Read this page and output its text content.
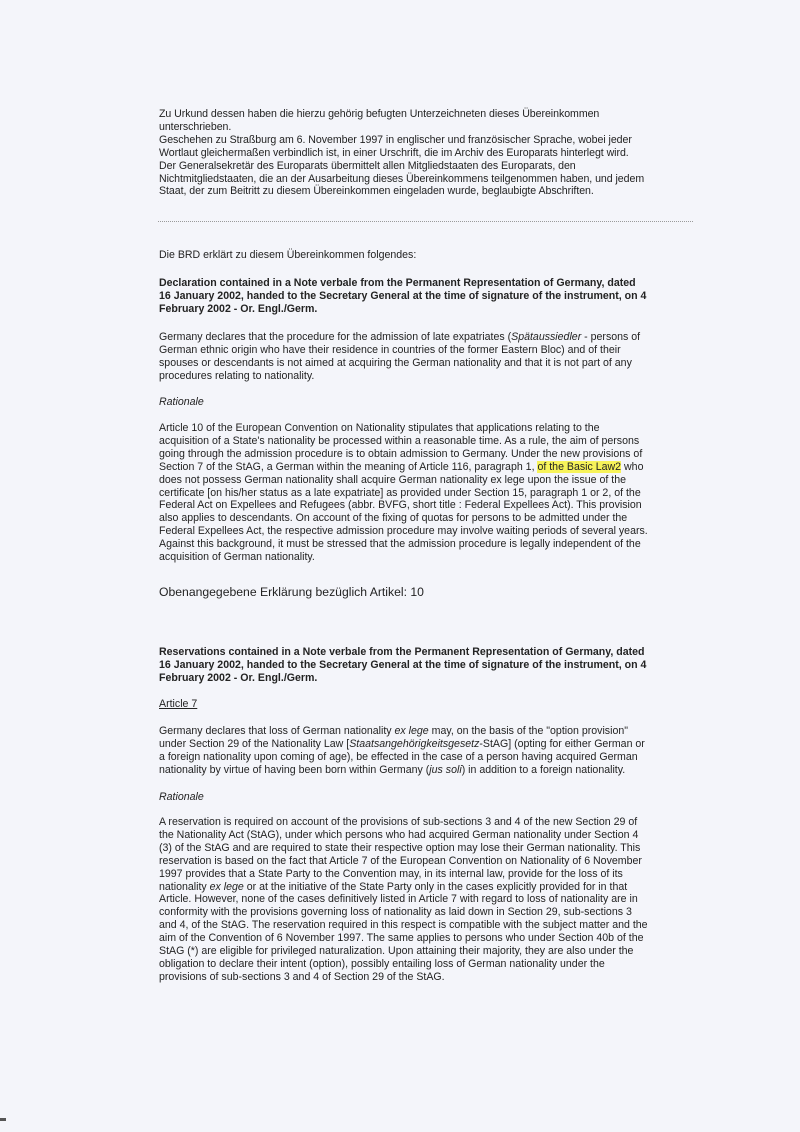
Zu Urkund dessen haben die hierzu gehörig befugten Unterzeichneten dieses Übereinkommen

unterschrieben.

Geschehen zu Straßburg am 6. November 1997 in englischer und französischer Sprache, wobei jeder

Wortlaut gleichermaßen verbindlich ist, in einer Urschrift, die im Archiv des Europarats hinterlegt wird.

Der Generalsekretär des Europarats übermittelt allen Mitgliedstaaten des Europarats, den

Nichtmitgliedstaaten, die an der Ausarbeitung dieses Übereinkommens teilgenommen haben, und jedem

Staat, der zum Beitritt zu diesem Übereinkommen eingeladen wurde, beglaubigte Abschriften.

Die BRD erklärt zu diesem Übereinkommen folgendes:

Declaration contained in a Note verbale from the Permanent Representation of Germany, dated

16 January 2002, handed to the Secretary General at the time of signature of the instrument, on 4

February 2002 - Or. Engl./Germ.

Germany declares that the procedure for the admission of late expatriates (Spätaussiedler - persons of

German ethnic origin who have their residence in countries of the former Eastern Bloc) and of their

spouses or descendants is not aimed at acquiring the German nationality and that it is not part of any

procedures relating to nationality.

Rationale

Article 10 of the European Convention on Nationality stipulates that applications relating to the

acquisition of a State's nationality be processed within a reasonable time. As a rule, the aim of persons

going through the admission procedure is to obtain admission to Germany. Under the new provisions of

Section 7 of the StAG, a German within the meaning of Article 116, paragraph 1, of the Basic Law2 who

does not possess German nationality shall acquire German nationality ex lege upon the issue of the

certificate [on his/her status as a late expatriate] as provided under Section 15, paragraph 1 or 2, of the

Federal Act on Expellees and Refugees (abbr. BVFG, short title : Federal Expellees Act). This provision

also applies to descendants. On account of the fixing of quotas for persons to be admitted under the

Federal Expellees Act, the respective admission procedure may involve waiting periods of several years.

Against this background, it must be stressed that the admission procedure is legally independent of the

acquisition of German nationality.

Obenangegebene Erklärung bezüglich Artikel: 10

Reservations contained in a Note verbale from the Permanent Representation of Germany, dated

16 January 2002, handed to the Secretary General at the time of signature of the instrument, on 4

February 2002 - Or. Engl./Germ.

Article 7

Germany declares that loss of German nationality ex lege may, on the basis of the "option provision"

under Section 29 of the Nationality Law [Staatsangehörigkeitsgesetz-StAG] (opting for either German or

a foreign nationality upon coming of age), be effected in the case of a person having acquired German

nationality by virtue of having been born within Germany (jus soli) in addition to a foreign nationality.

Rationale

A reservation is required on account of the provisions of sub-sections 3 and 4 of the new Section 29 of

the Nationality Act (StAG), under which persons who had acquired German nationality under Section 4

(3) of the StAG and are required to state their respective option may lose their German nationality. This

reservation is based on the fact that Article 7 of the European Convention on Nationality of 6 November

1997 provides that a State Party to the Convention may, in its internal law, provide for the loss of its

nationality ex lege or at the initiative of the State Party only in the cases explicitly provided for in that

Article. However, none of the cases definitively listed in Article 7 with regard to loss of nationality are in

conformity with the provisions governing loss of nationality as laid down in Section 29, sub-sections 3

and 4, of the StAG. The reservation required in this respect is compatible with the subject matter and the

aim of the Convention of 6 November 1997. The same applies to persons who under Section 40b of the

StAG (*) are eligible for privileged naturalization. Upon attaining their majority, they are also under the

obligation to declare their intent (option), possibly entailing loss of German nationality under the

provisions of sub-sections 3 and 4 of Section 29 of the StAG.
